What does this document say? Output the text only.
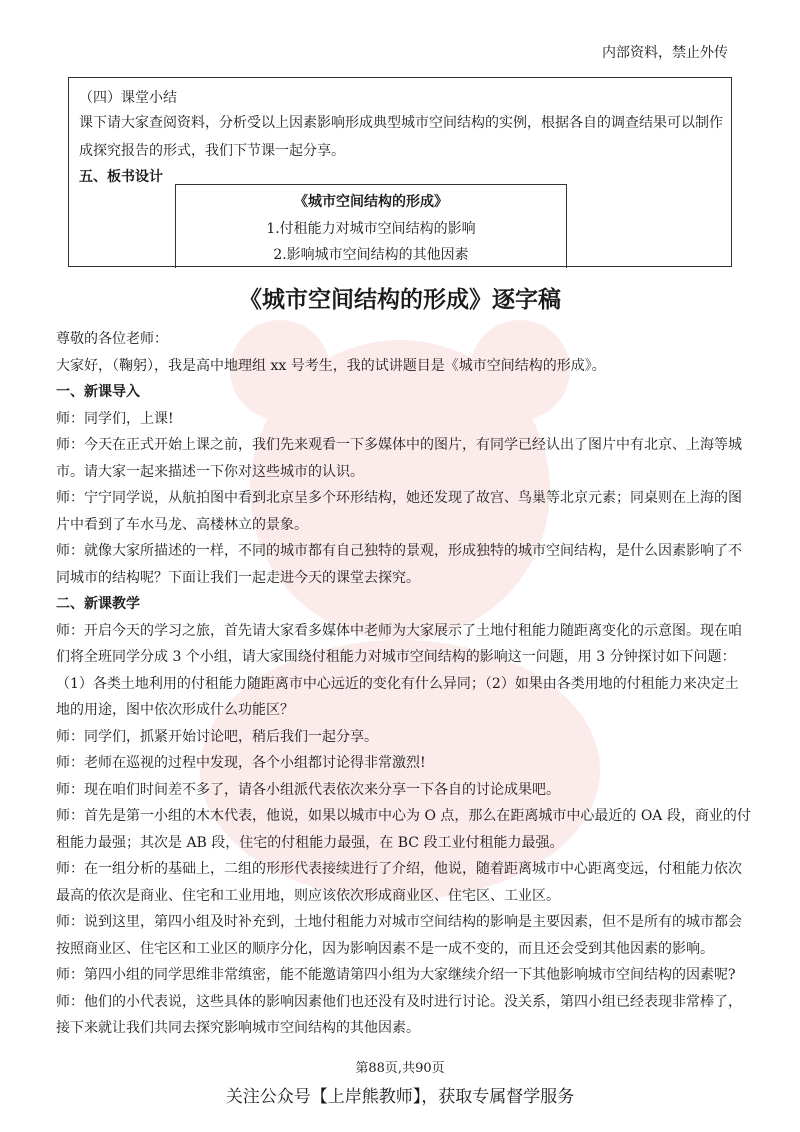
内部资料，禁止外传
（四）课堂小结
课下请大家查阅资料，分析受以上因素影响形成典型城市空间结构的实例，根据各自的调查结果可以制作
成探究报告的形式，我们下节课一起分享。
五、板书设计
《城市空间结构的形成》
1.付租能力对城市空间结构的影响
2.影响城市空间结构的其他因素
《城市空间结构的形成》逐字稿
尊敬的各位老师：
大家好，（鞠躬），我是高中地理组 xx 号考生，我的试讲题目是《城市空间结构的形成》。
一、新课导入
师：同学们，上课!
师：今天在正式开始上课之前，我们先来观看一下多媒体中的图片，有同学已经认出了图片中有北京、上海等城
市。请大家一起来描述一下你对这些城市的认识。
师：宁宁同学说，从航拍图中看到北京呈多个环形结构，她还发现了故宫、鸟巢等北京元素；同桌则在上海的图
片中看到了车水马龙、高楼林立的景象。
师：就像大家所描述的一样，不同的城市都有自己独特的景观，形成独特的城市空间结构，是什么因素影响了不
同城市的结构呢？下面让我们一起走进今天的课堂去探究。
二、新课教学
师：开启今天的学习之旅，首先请大家看多媒体中老师为大家展示了土地付租能力随距离变化的示意图。现在咱
们将全班同学分成 3 个小组，请大家围绕付租能力对城市空间结构的影响这一问题，用 3 分钟探讨如下问题：
（1）各类土地利用的付租能力随距离市中心远近的变化有什么异同；（2）如果由各类用地的付租能力来决定土
地的用途，图中依次形成什么功能区？
师：同学们，抓紧开始讨论吧，稍后我们一起分享。
师：老师在巡视的过程中发现，各个小组都讨论得非常激烈!
师：现在咱们时间差不多了，请各小组派代表依次来分享一下各自的讨论成果吧。
师：首先是第一小组的木木代表，他说，如果以城市中心为 O 点，那么在距离城市中心最近的 OA 段，商业的付
租能力最强；其次是 AB 段，住宅的付租能力最强，在 BC 段工业付租能力最强。
师：在一组分析的基础上，二组的形形代表接续进行了介绍，他说，随着距离城市中心距离变远，付租能力依次
最高的依次是商业、住宅和工业用地，则应该依次形成商业区、住宅区、工业区。
师：说到这里，第四小组及时补充到，土地付租能力对城市空间结构的影响是主要因素，但不是所有的城市都会
按照商业区、住宅区和工业区的顺序分化，因为影响因素不是一成不变的，而且还会受到其他因素的影响。
师：第四小组的同学思维非常缜密，能不能邀请第四小组为大家继续介绍一下其他影响城市空间结构的因素呢?
师：他们的小代表说，这些具体的影响因素他们也还没有及时进行讨论。没关系，第四小组已经表现非常棒了，
接下来就让我们共同去探究影响城市空间结构的其他因素。
第88页,共90页
关注公众号【上岸熊教师】，获取专属督学服务
